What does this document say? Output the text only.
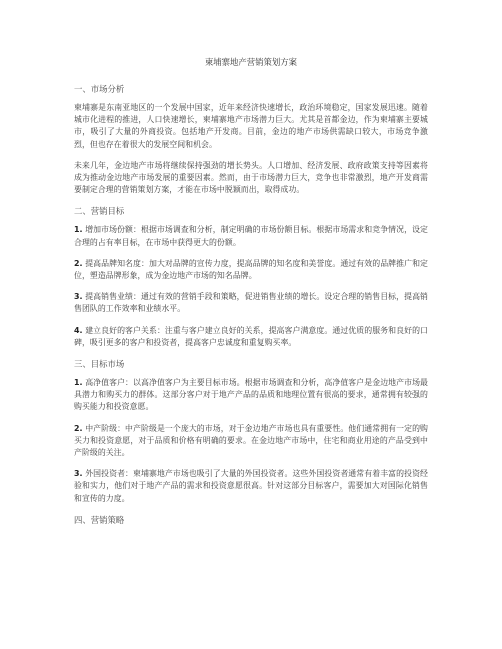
柬埔寨地产营销策划方案
一、市场分析

柬埔寨是东南亚地区的一个发展中国家，近年来经济快速增长，政治环境稳定，国家发展迅速。随着城市化进程的推进，人口快速增长，柬埔寨地产市场潜力巨大。尤其是首都金边，作为柬埔寨主要城市，吸引了大量的外商投资。包括地产开发商。目前，金边的地产市场供需缺口较大，市场竞争激烈，但也存在着很大的发展空间和机会。

未来几年，金边地产市场将继续保持强劲的增长势头。人口增加、经济发展、政府政策支持等因素将成为推动金边地产市场发展的重要因素。然而，由于市场潜力巨大，竞争也非常激烈，地产开发商需要制定合理的营销策划方案，才能在市场中脱颖而出，取得成功。

二、营销目标

1. 增加市场份额：根据市场调查和分析，制定明确的市场份额目标。根据市场需求和竞争情况，设定合理的占有率目标，在市场中获得更大的份额。

2. 提高品牌知名度：加大对品牌的宣传力度，提高品牌的知名度和美誉度。通过有效的品牌推广和定位，塑造品牌形象，成为金边地产市场的知名品牌。

3. 提高销售业绩：通过有效的营销手段和策略，促进销售业绩的增长。设定合理的销售目标，提高销售团队的工作效率和业绩水平。

4. 建立良好的客户关系：注重与客户建立良好的关系，提高客户满意度。通过优质的服务和良好的口碑，吸引更多的客户和投资者，提高客户忠诚度和重复购买率。

三、目标市场

1. 高净值客户：以高净值客户为主要目标市场。根据市场调查和分析，高净值客户是金边地产市场最具潜力和购买力的群体。这部分客户对于地产产品的品质和地理位置有很高的要求，通常拥有较强的购买能力和投资意愿。

2. 中产阶级：中产阶级是一个庞大的市场，对于金边地产市场也具有重要性。他们通常拥有一定的购买力和投资意愿，对于品质和价格有明确的要求。在金边地产市场中，住宅和商业用途的产品受到中产阶级的关注。

3. 外国投资者：柬埔寨地产市场也吸引了大量的外国投资者。这些外国投资者通常有着丰富的投资经验和实力，他们对于地产产品的需求和投资意愿很高。针对这部分目标客户，需要加大对国际化销售和宣传的力度。

四、营销策略
